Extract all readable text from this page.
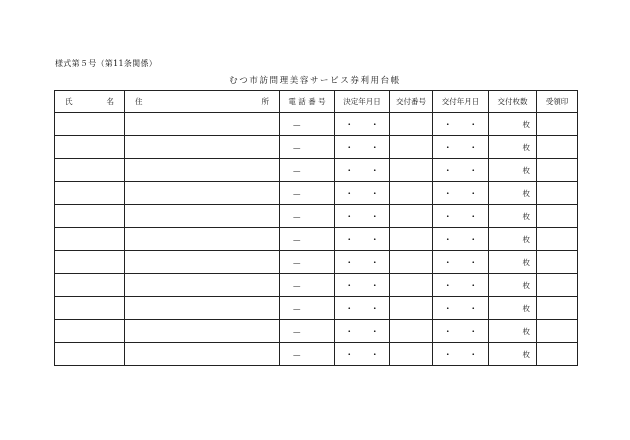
様式第５号（第11条関係）
むつ市訪問理美容サービス券利用台帳
氏 名	住 所	電 話 番 号	決定年月日	交付番号	交付年月日	交付枚数	受領印

		—	・ ・		・ ・	枚	

		—	・ ・		・ ・	枚	

		—	・ ・		・ ・	枚	

		—	・ ・		・ ・	枚	

		—	・ ・		・ ・	枚	

		—	・ ・		・ ・	枚	

		—	・ ・		・ ・	枚	

		—	・ ・		・ ・	枚	

		—	・ ・		・ ・	枚	

		—	・ ・		・ ・	枚	

		—	・ ・		・ ・	枚	
